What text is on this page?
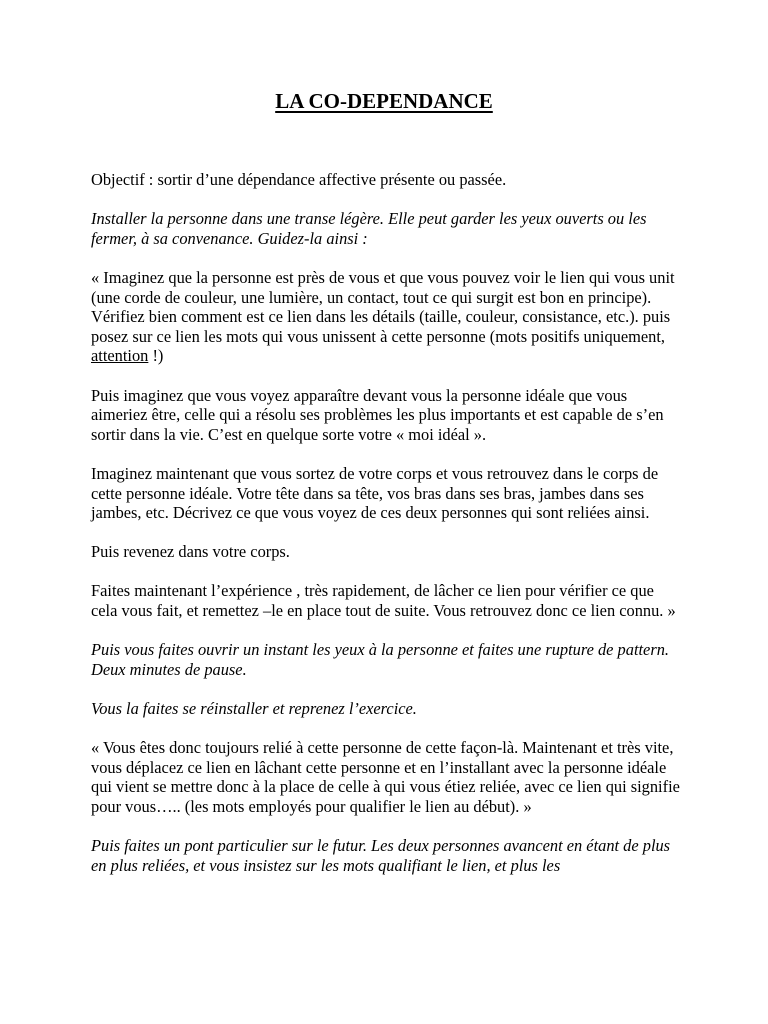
LA CO-DEPENDANCE

Objectif : sortir d’une dépendance affective présente ou passée.

Installer la personne dans une transe légère. Elle peut garder les yeux ouverts ou les fermer, à sa convenance. Guidez-la ainsi :

« Imaginez que la personne est près de vous et que vous pouvez voir le lien qui vous unit (une corde de couleur, une lumière, un contact, tout ce qui surgit est bon en principe). Vérifiez bien comment est ce lien dans les détails (taille, couleur, consistance, etc.). puis posez sur ce lien les mots qui vous unissent à cette personne (mots positifs uniquement, attention !)

Puis imaginez que vous voyez apparaître devant vous la personne idéale que vous aimeriez être, celle qui a résolu ses problèmes les plus importants et est capable de s’en sortir dans la vie. C’est en quelque sorte votre « moi idéal ».

Imaginez maintenant que vous sortez de votre corps et vous retrouvez dans le corps de cette personne idéale. Votre tête dans sa tête, vos bras dans ses bras, jambes dans ses jambes, etc. Décrivez ce que vous voyez de ces deux personnes qui sont reliées ainsi.

Puis revenez dans votre corps.

Faites maintenant l’expérience , très rapidement, de lâcher ce lien pour vérifier ce que cela vous fait, et remettez –le en place tout de suite. Vous retrouvez donc ce lien connu. »

Puis vous faites ouvrir un instant les yeux à la personne et faites une rupture de pattern. Deux minutes de pause.

Vous la faites se réinstaller et reprenez l’exercice.

« Vous êtes donc toujours relié à cette personne de cette façon-là. Maintenant et très vite, vous déplacez ce lien en lâchant cette personne et en l’installant avec la personne idéale qui vient se mettre donc à la place de celle à qui vous étiez reliée, avec ce lien qui signifie pour vous….. (les mots employés pour qualifier le lien au début). »

Puis faites un pont particulier sur le futur. Les deux personnes avancent en étant de plus en plus reliées, et vous insistez sur les mots qualifiant le lien, et plus les
